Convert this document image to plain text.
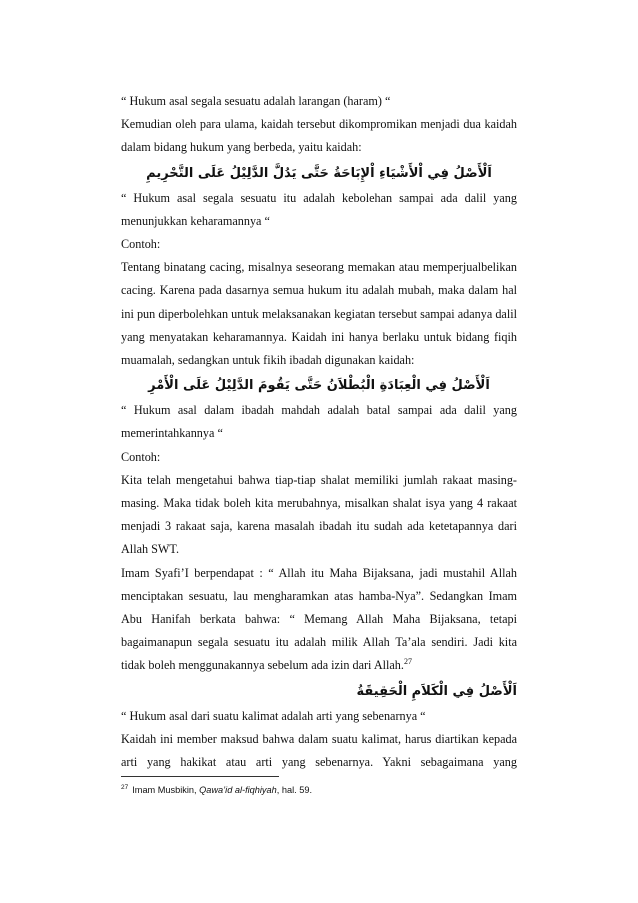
“ Hukum asal segala sesuatu adalah larangan (haram) “

Kemudian oleh para ulama, kaidah tersebut dikompromikan menjadi dua kaidah dalam bidang hukum yang berbeda, yaitu kaidah:

اَلْأَصْلُ فِي اْلأَشْيَاءِ اْلإِبَاحَةُ حَتَّى يَدُلَّ الدَّلِيْلُ عَلَى التَّحْرِيمِ

“ Hukum asal segala sesuatu itu adalah kebolehan sampai ada dalil yang menunjukkan keharamannya “

Contoh:

Tentang binatang cacing, misalnya seseorang memakan atau memperjualbelikan cacing. Karena pada dasarnya semua hukum itu adalah mubah, maka dalam hal ini pun diperbolehkan untuk melaksanakan kegiatan tersebut sampai adanya dalil yang menyatakan keharamannya. Kaidah ini hanya berlaku untuk bidang fiqih muamalah, sedangkan untuk fikih ibadah digunakan kaidah:

اَلْأَصْلُ فِي الْعِبَادَةِ الْبُطْلاَنُ حَتَّى يَقُومَ الدَّلِيْلُ عَلَى الْأَمْرِ

“ Hukum asal dalam ibadah mahdah adalah batal sampai ada dalil yang memerintahkannya “

Contoh:

Kita telah mengetahui bahwa tiap-tiap shalat memiliki jumlah rakaat masing-masing. Maka tidak boleh kita merubahnya, misalkan shalat isya yang 4 rakaat menjadi 3 rakaat saja, karena masalah ibadah itu sudah ada ketetapannya dari Allah SWT.

Imam Syafi’I berpendapat : “ Allah itu Maha Bijaksana, jadi mustahil Allah menciptakan sesuatu, lau mengharamkan atas hamba-Nya”. Sedangkan Imam Abu Hanifah berkata bahwa: “ Memang Allah Maha Bijaksana, tetapi bagaimanapun segala sesuatu itu adalah milik Allah Ta’ala sendiri. Jadi kita tidak boleh menggunakannya sebelum ada izin dari Allah.$^{27}$

اَلْأَصْلُ فِي الْكَلاَمِ الْحَقِيقَةُ

“ Hukum asal dari suatu kalimat adalah arti yang sebenarnya “

Kaidah ini member maksud bahwa dalam suatu kalimat, harus diartikan kepada arti yang hakikat atau arti yang sebenarnya. Yakni sebagaimana yang

$^{27}$ Imam Musbikin, Qawa’id al-fiqhiyah, hal. 59.
